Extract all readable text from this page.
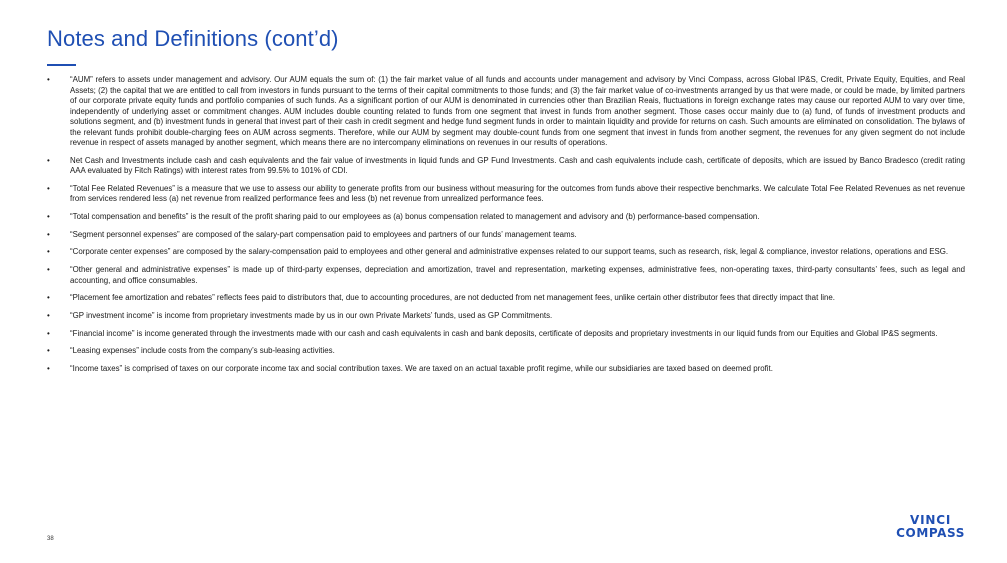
Notes and Definitions (cont’d)
•	“AUM” refers to assets under management and advisory. Our AUM equals the sum of: (1) the fair market value of all funds and accounts under management and advisory by Vinci Compass, across Global IP&S, Credit, Private Equity, Equities, and Real Assets; (2) the capital that we are entitled to call from investors in funds pursuant to the terms of their capital commitments to those funds; and (3) the fair market value of co-investments arranged by us that were made, or could be made, by limited partners of our corporate private equity funds and portfolio companies of such funds. As a significant portion of our AUM is denominated in currencies other than Brazilian Reais, fluctuations in foreign exchange rates may cause our reported AUM to vary over time, independently of underlying asset or commitment changes. AUM includes double counting related to funds from one segment that invest in funds from another segment. Those cases occur mainly due to (a) fund, of funds of investment products and solutions segment, and (b) investment funds in general that invest part of their cash in credit segment and hedge fund segment funds in order to maintain liquidity and provide for returns on cash. Such amounts are eliminated on consolidation. The bylaws of the relevant funds prohibit double-charging fees on AUM across segments. Therefore, while our AUM by segment may double-count funds from one segment that invest in funds from another segment, the revenues for any given segment do not include revenue in respect of assets managed by another segment, which means there are no intercompany eliminations on revenues in our results of operations.
•	Net Cash and Investments include cash and cash equivalents and the fair value of investments in liquid funds and GP Fund Investments. Cash and cash equivalents include cash, certificate of deposits, which are issued by Banco Bradesco (credit rating AAA evaluated by Fitch Ratings) with interest rates from 99.5% to 101% of CDI.
•	“Total Fee Related Revenues” is a measure that we use to assess our ability to generate profits from our business without measuring for the outcomes from funds above their respective benchmarks. We calculate Total Fee Related Revenues as net revenue from services rendered less (a) net revenue from realized performance fees and less (b) net revenue from unrealized performance fees.
•	“Total compensation and benefits” is the result of the profit sharing paid to our employees as (a) bonus compensation related to management and advisory and (b) performance-based compensation.
•	“Segment personnel expenses” are composed of the salary-part compensation paid to employees and partners of our funds’ management teams.
•	“Corporate center expenses” are composed by the salary-compensation paid to employees and other general and administrative expenses related to our support teams, such as research, risk, legal & compliance, investor relations, operations and ESG.
•	“Other general and administrative expenses” is made up of third-party expenses, depreciation and amortization, travel and representation, marketing expenses, administrative fees, non-operating taxes, third-party consultants’ fees, such as legal and accounting, and office consumables.
•	“Placement fee amortization and rebates” reflects fees paid to distributors that, due to accounting procedures, are not deducted from net management fees, unlike certain other distributor fees that directly impact that line.
•	“GP investment income” is income from proprietary investments made by us in our own Private Markets’ funds, used as GP Commitments.
•	“Financial income” is income generated through the investments made with our cash and cash equivalents in cash and bank deposits, certificate of deposits and proprietary investments in our liquid funds from our Equities and Global IP&S segments.
•	“Leasing expenses” include costs from the company’s sub-leasing activities.
•	“Income taxes” is comprised of taxes on our corporate income tax and social contribution taxes. We are taxed on an actual taxable profit regime, while our subsidiaries are taxed based on deemed profit.
38
VINCI
COMPASS
